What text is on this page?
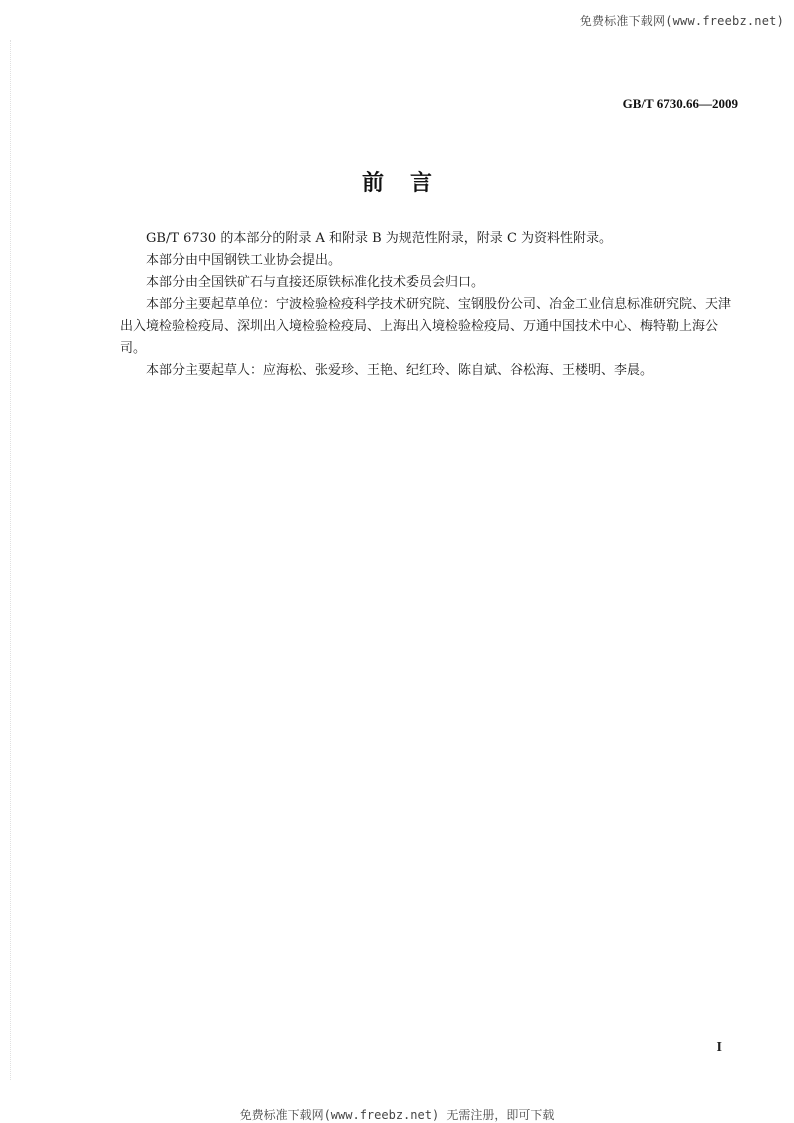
免费标准下载网(www.freebz.net)
GB/T 6730.66—2009
前言

GB/T 6730 的本部分的附录 A 和附录 B 为规范性附录，附录 C 为资料性附录。

本部分由中国钢铁工业协会提出。

本部分由全国铁矿石与直接还原铁标准化技术委员会归口。

本部分主要起草单位：宁波检验检疫科学技术研究院、宝钢股份公司、冶金工业信息标准研究院、天津出入境检验检疫局、深圳出入境检验检疫局、上海出入境检验检疫局、万通中国技术中心、梅特勒上海公司。

本部分主要起草人：应海松、张爱珍、王艳、纪红玲、陈自斌、谷松海、王楼明、李晨。

I
免费标准下载网(www.freebz.net) 无需注册，即可下载
